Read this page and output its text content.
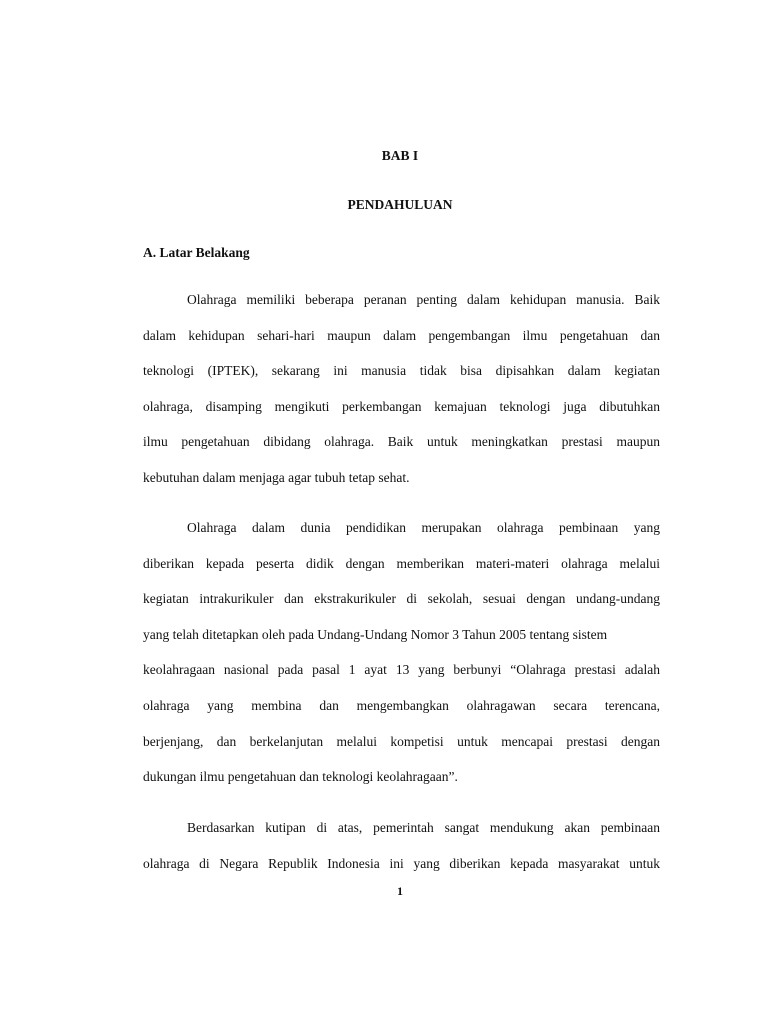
BAB I
PENDAHULUAN
A. Latar Belakang
Olahraga memiliki beberapa peranan penting dalam kehidupan manusia. Baik
dalam kehidupan sehari-hari maupun dalam pengembangan ilmu pengetahuan dan
teknologi (IPTEK), sekarang ini manusia tidak bisa dipisahkan dalam kegiatan
olahraga, disamping mengikuti perkembangan kemajuan teknologi juga dibutuhkan
ilmu pengetahuan dibidang olahraga. Baik untuk meningkatkan prestasi maupun
kebutuhan dalam menjaga agar tubuh tetap sehat.
Olahraga dalam dunia pendidikan merupakan olahraga pembinaan yang
diberikan kepada peserta didik dengan memberikan materi-materi olahraga melalui
kegiatan intrakurikuler dan ekstrakurikuler di sekolah, sesuai dengan undang-undang
yang telah ditetapkan oleh pada Undang-Undang Nomor 3 Tahun 2005 tentang sistem
keolahragaan nasional pada pasal 1 ayat 13 yang berbunyi “Olahraga prestasi adalah
olahraga yang membina dan mengembangkan olahragawan secara terencana,
berjenjang, dan berkelanjutan melalui kompetisi untuk mencapai prestasi dengan
dukungan ilmu pengetahuan dan teknologi keolahragaan”.
Berdasarkan kutipan di atas, pemerintah sangat mendukung akan pembinaan
olahraga di Negara Republik Indonesia ini yang diberikan kepada masyarakat untuk
1
